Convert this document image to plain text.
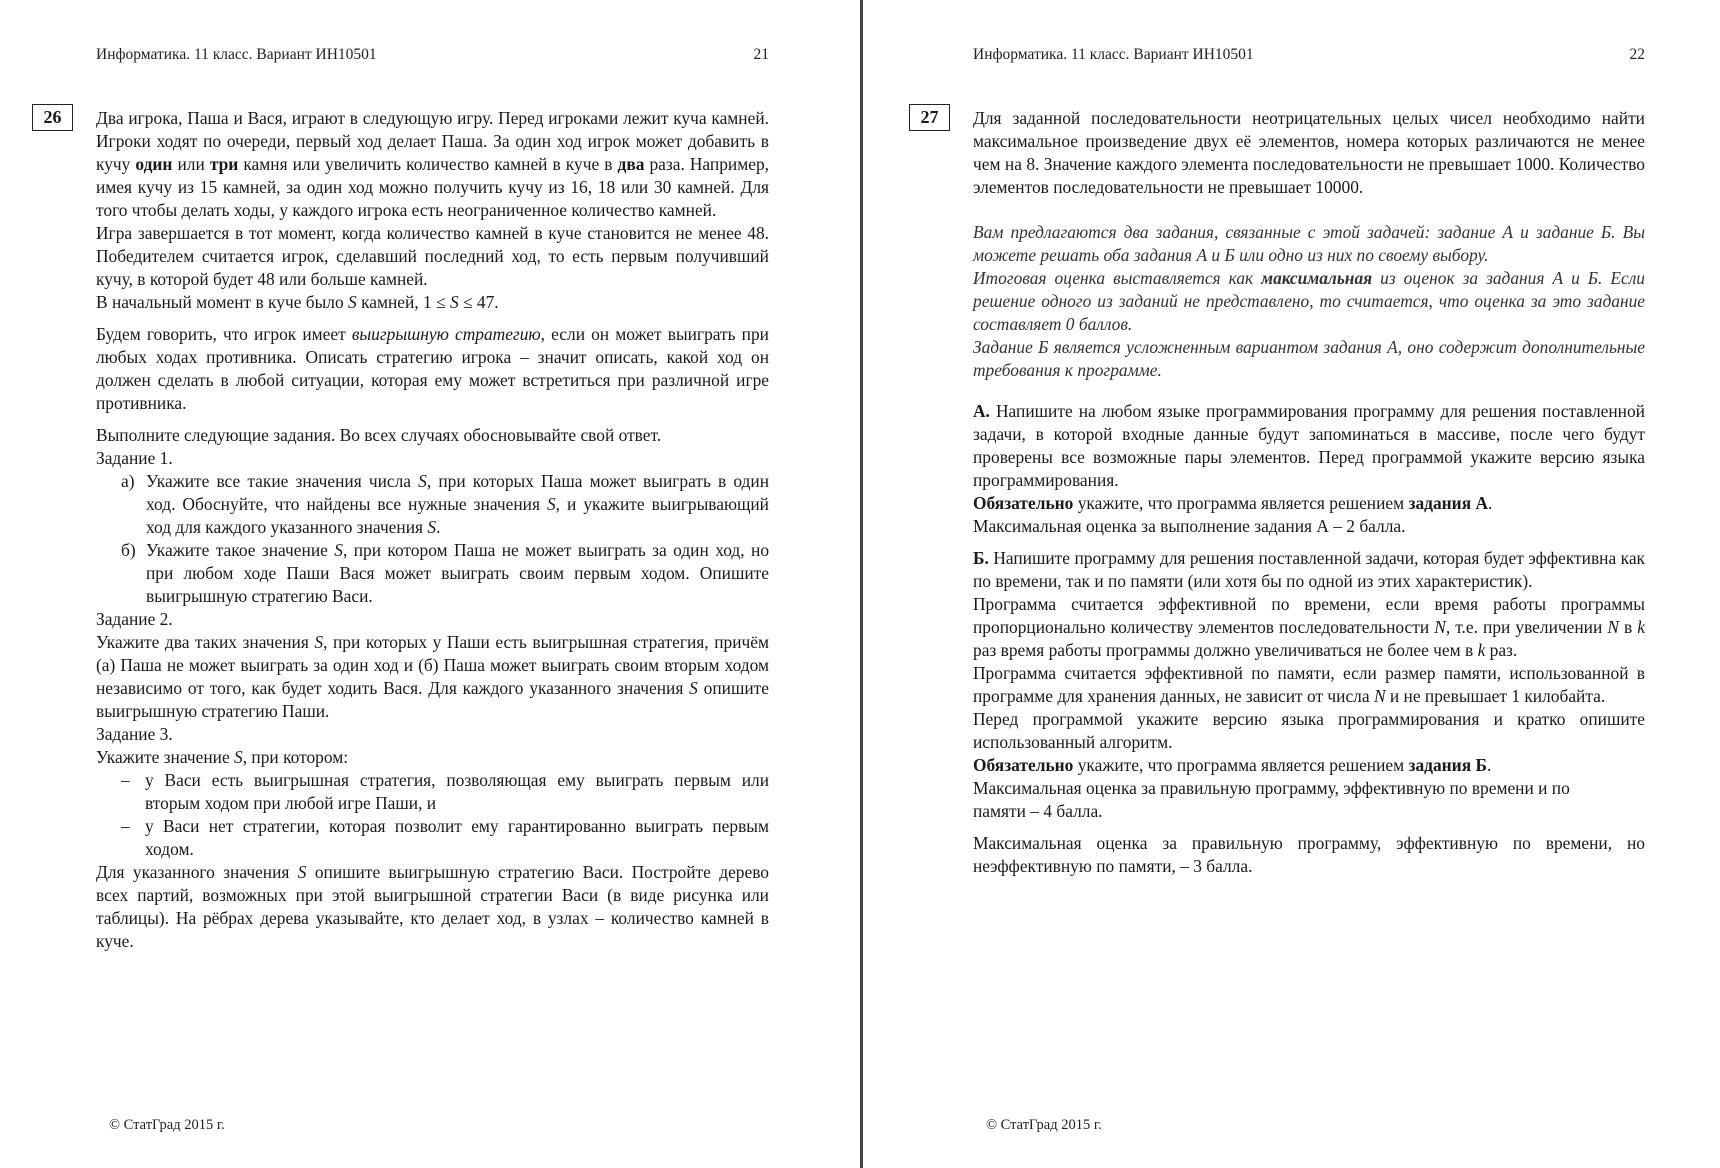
Информатика. 11 класс. Вариант ИН10501	21
26	Два игрока, Паша и Вася, играют в следующую игру. Перед игроками лежит куча камней. Игроки ходят по очереди, первый ход делает Паша. За один ход игрок может добавить в кучу один или три камня или увеличить количество камней в куче в два раза. Например, имея кучу из 15 камней, за один ход можно получить кучу из 16, 18 или 30 камней. Для того чтобы делать ходы, у каждого игрока есть неограниченное количество камней.

Игра завершается в тот момент, когда количество камней в куче становится не менее 48. Победителем считается игрок, сделавший последний ход, то есть первым получивший кучу, в которой будет 48 или больше камней.

В начальный момент в куче было S камней, 1 ≤ S ≤ 47.

Будем говорить, что игрок имеет выигрышную стратегию, если он может выиграть при любых ходах противника. Описать стратегию игрока – значит описать, какой ход он должен сделать в любой ситуации, которая ему может встретиться при различной игре противника.

Выполните следующие задания. Во всех случаях обосновывайте свой ответ.

Задание 1.

а) Укажите все такие значения числа S, при которых Паша может выиграть в один ход. Обоснуйте, что найдены все нужные значения S, и укажите выигрывающий ход для каждого указанного значения S.
б) Укажите такое значение S, при котором Паша не может выиграть за один ход, но при любом ходе Паши Вася может выиграть своим первым ходом. Опишите выигрышную стратегию Васи.

Задание 2.

Укажите два таких значения S, при которых у Паши есть выигрышная стратегия, причём (а) Паша не может выиграть за один ход и (б) Паша может выиграть своим вторым ходом независимо от того, как будет ходить Вася. Для каждого указанного значения S опишите выигрышную стратегию Паши.

Задание 3.

Укажите значение S, при котором:

– у Васи есть выигрышная стратегия, позволяющая ему выиграть первым или вторым ходом при любой игре Паши, и
– у Васи нет стратегии, которая позволит ему гарантированно выиграть первым ходом.

Для указанного значения S опишите выигрышную стратегию Васи. Постройте дерево всех партий, возможных при этой выигрышной стратегии Васи (в виде рисунка или таблицы). На рёбрах дерева указывайте, кто делает ход, в узлах – количество камней в куче.

© СтатГрад 2015 г.
Информатика. 11 класс. Вариант ИН10501	22
27	Для заданной последовательности неотрицательных целых чисел необходимо найти максимальное произведение двух её элементов, номера которых различаются не менее чем на 8. Значение каждого элемента последовательности не превышает 1000. Количество элементов последовательности не превышает 10000.

Вам предлагаются два задания, связанные с этой задачей: задание А и задание Б. Вы можете решать оба задания А и Б или одно из них по своему выбору.

Итоговая оценка выставляется как максимальная из оценок за задания А и Б. Если решение одного из заданий не представлено, то считается, что оценка за это задание составляет 0 баллов.

Задание Б является усложненным вариантом задания А, оно содержит дополнительные требования к программе.

А. Напишите на любом языке программирования программу для решения поставленной задачи, в которой входные данные будут запоминаться в массиве, после чего будут проверены все возможные пары элементов. Перед программой укажите версию языка программирования.

Обязательно укажите, что программа является решением задания А.

Максимальная оценка за выполнение задания А – 2 балла.

Б. Напишите программу для решения поставленной задачи, которая будет эффективна как по времени, так и по памяти (или хотя бы по одной из этих характеристик).

Программа считается эффективной по времени, если время работы программы пропорционально количеству элементов последовательности N, т.е. при увеличении N в k раз время работы программы должно увеличиваться не более чем в k раз.

Программа считается эффективной по памяти, если размер памяти, использованной в программе для хранения данных, не зависит от числа N и не превышает 1 килобайта.

Перед программой укажите версию языка программирования и кратко опишите использованный алгоритм.

Обязательно укажите, что программа является решением задания Б.

Максимальная оценка за правильную программу, эффективную по времени и по памяти – 4 балла.

Максимальная оценка за правильную программу, эффективную по времени, но неэффективную по памяти, – 3 балла.

© СтатГрад 2015 г.
